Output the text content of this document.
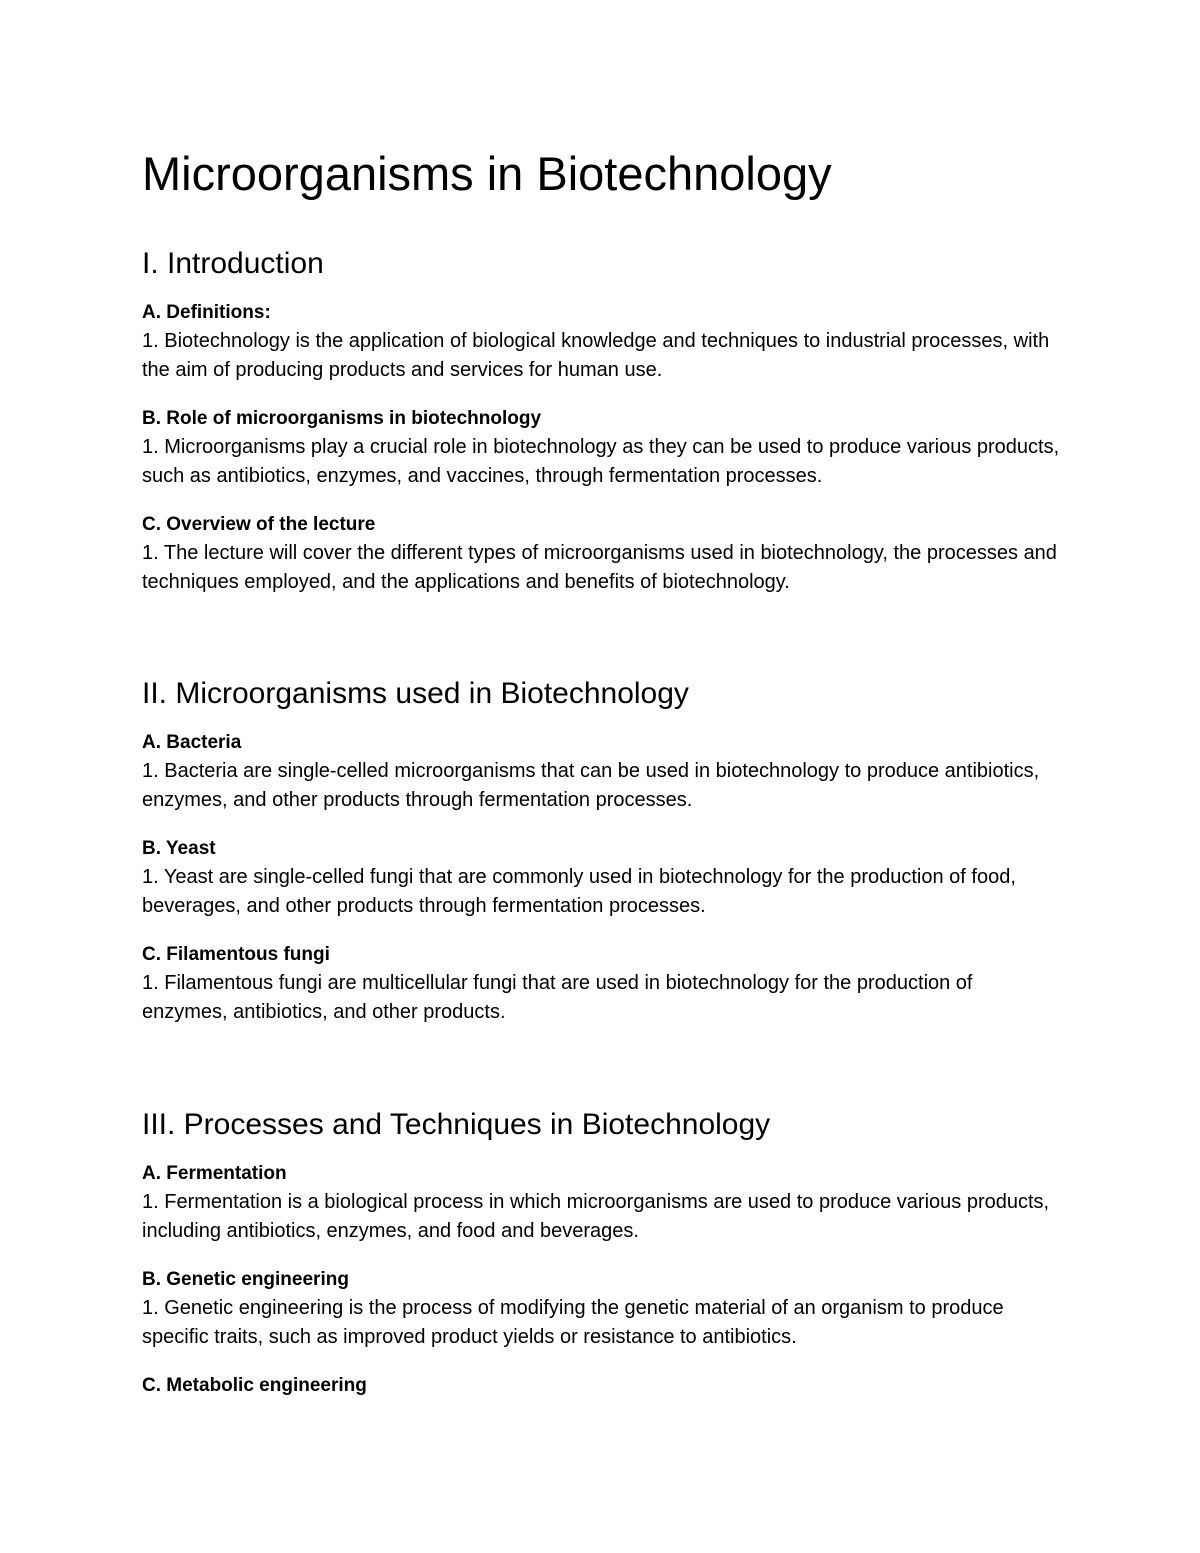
Microorganisms in Biotechnology
I. Introduction

A. Definitions:

1. Biotechnology is the application of biological knowledge and techniques to industrial processes, with the aim of producing products and services for human use.

B. Role of microorganisms in biotechnology

1. Microorganisms play a crucial role in biotechnology as they can be used to produce various products, such as antibiotics, enzymes, and vaccines, through fermentation processes.

C. Overview of the lecture

1. The lecture will cover the different types of microorganisms used in biotechnology, the processes and techniques employed, and the applications and benefits of biotechnology.

II. Microorganisms used in Biotechnology

A. Bacteria

1. Bacteria are single-celled microorganisms that can be used in biotechnology to produce antibiotics, enzymes, and other products through fermentation processes.

B. Yeast

1. Yeast are single-celled fungi that are commonly used in biotechnology for the production of food, beverages, and other products through fermentation processes.

C. Filamentous fungi

1. Filamentous fungi are multicellular fungi that are used in biotechnology for the production of enzymes, antibiotics, and other products.

III. Processes and Techniques in Biotechnology

A. Fermentation

1. Fermentation is a biological process in which microorganisms are used to produce various products, including antibiotics, enzymes, and food and beverages.

B. Genetic engineering

1. Genetic engineering is the process of modifying the genetic material of an organism to produce specific traits, such as improved product yields or resistance to antibiotics.

C. Metabolic engineering
